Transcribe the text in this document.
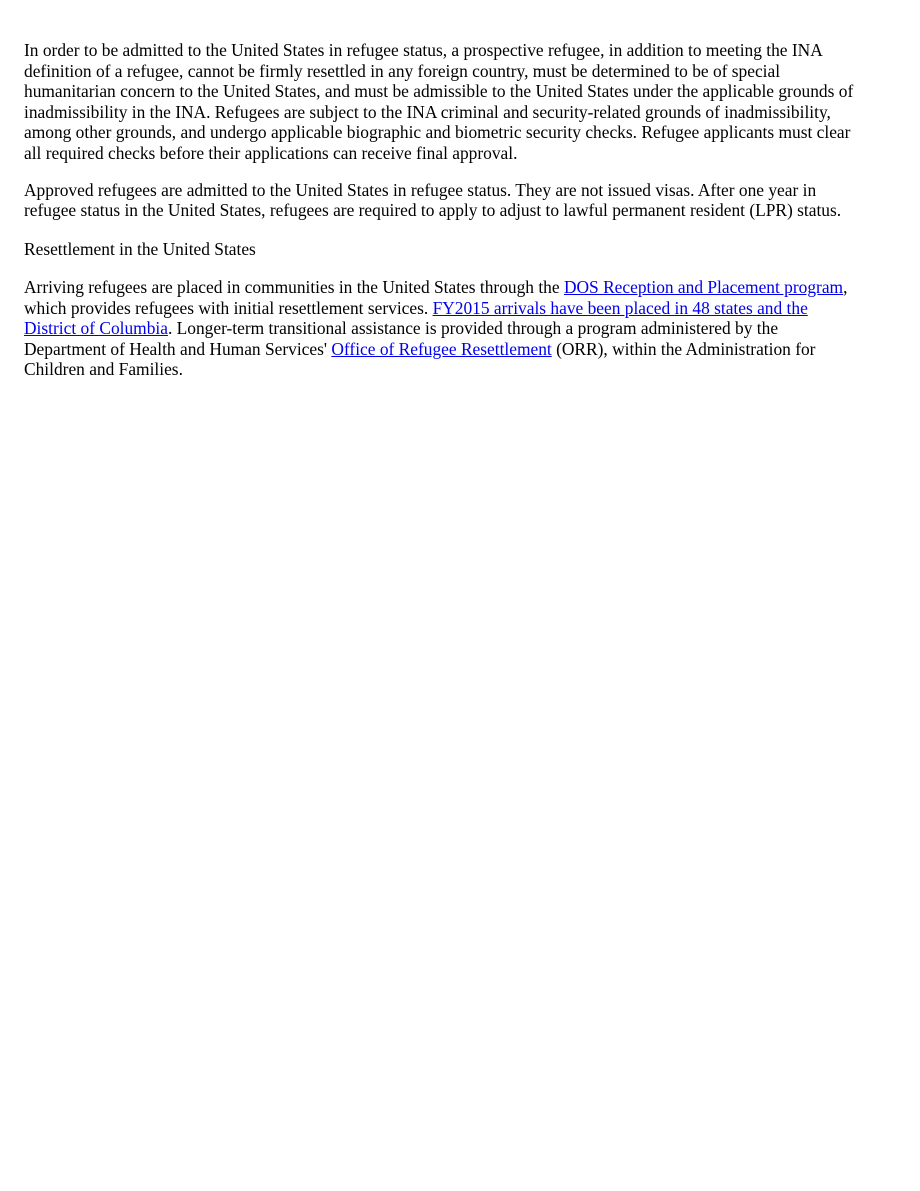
In order to be admitted to the United States in refugee status, a prospective refugee, in addition to meeting the INA
definition of a refugee, cannot be firmly resettled in any foreign country, must be determined to be of special
humanitarian concern to the United States, and must be admissible to the United States under the applicable grounds of
inadmissibility in the INA. Refugees are subject to the INA criminal and security-related grounds of inadmissibility,
among other grounds, and undergo applicable biographic and biometric security checks. Refugee applicants must clear
all required checks before their applications can receive final approval.
Approved refugees are admitted to the United States in refugee status. They are not issued visas. After one year in
refugee status in the United States, refugees are required to apply to adjust to lawful permanent resident (LPR) status.
Resettlement in the United States
Arriving refugees are placed in communities in the United States through the DOS Reception and Placement program,
which provides refugees with initial resettlement services. FY2015 arrivals have been placed in 48 states and the
District of Columbia. Longer-term transitional assistance is provided through a program administered by the
Department of Health and Human Services' Office of Refugee Resettlement (ORR), within the Administration for
Children and Families.
